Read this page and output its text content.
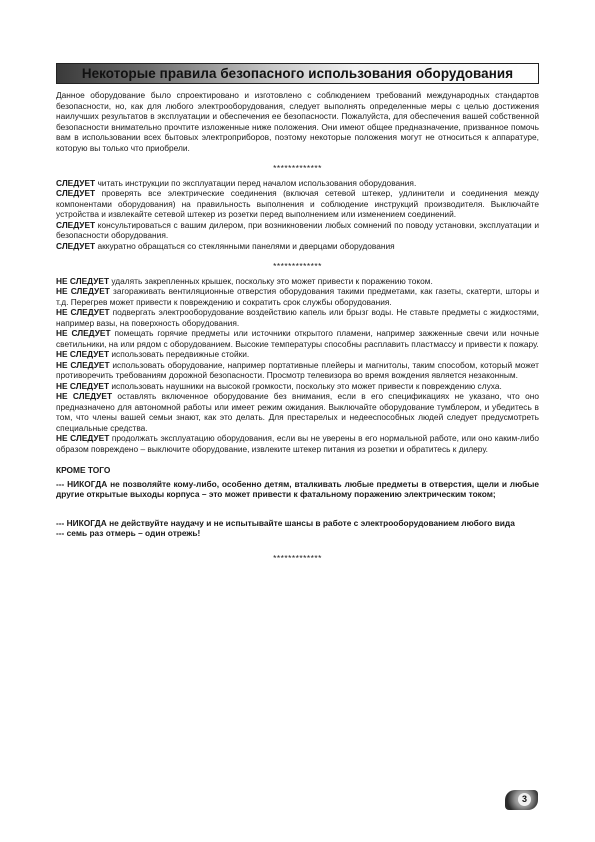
Некоторые правила безопасного использования оборудования

Данное оборудование было спроектировано и изготовлено с соблюдением требований международных стандартов безопасности, но, как для любого электрооборудования, следует выполнять определенные меры с целью достижения наилучших результатов в эксплуатации и обеспечения ее безопасности. Пожалуйста, для обеспечения вашей собственной безопасности внимательно прочтите изложенные ниже положения. Они имеют общее предназначение, призванное помочь вам в использовании всех бытовых электроприборов, поэтому некоторые положения могут не относиться к аппаратуре, которую вы только что приобрели.

*************

СЛЕДУЕТ читать инструкции по эксплуатации перед началом использования оборудования.

СЛЕДУЕТ проверять все электрические соединения (включая сетевой штекер, удлинители и соединения между компонентами оборудования) на правильность выполнения и соблюдение инструкций производителя. Выключайте устройства и извлекайте сетевой штекер из розетки перед выполнением или изменением соединений.

СЛЕДУЕТ консультироваться с вашим дилером, при возникновении любых сомнений по поводу установки, эксплуатации и безопасности оборудования.

СЛЕДУЕТ аккуратно обращаться со стеклянными панелями и дверцами оборудования

*************

НЕ СЛЕДУЕТ удалять закрепленных крышек, поскольку это может привести к поражению током.

НЕ СЛЕДУЕТ загораживать вентиляционные отверстия оборудования такими предметами, как газеты, скатерти, шторы и т.д. Перегрев может привести к повреждению и сократить срок службы оборудования.

НЕ СЛЕДУЕТ подвергать электрооборудование воздействию капель или брызг воды. Не ставьте предметы с жидкостями, например вазы, на поверхность оборудования.

НЕ СЛЕДУЕТ помещать горячие предметы или источники открытого пламени, например зажженные свечи или ночные светильники, на или рядом с оборудованием. Высокие температуры способны расплавить пластмассу и привести к пожару.

НЕ СЛЕДУЕТ использовать передвижные стойки.

НЕ СЛЕДУЕТ использовать оборудование, например портативные плейеры и магнитолы, таким способом, который может противоречить требованиям дорожной безопасности. Просмотр телевизора во время вождения является незаконным.

НЕ СЛЕДУЕТ использовать наушники на высокой громкости, поскольку это может привести к повреждению слуха.

НЕ СЛЕДУЕТ оставлять включенное оборудование без внимания, если в его спецификациях не указано, что оно предназначено для автономной работы или имеет режим ожидания. Выключайте оборудование тумблером, и убедитесь в том, что члены вашей семьи знают, как это делать. Для престарелых и недееспособных людей следует предусмотреть специальные средства.

НЕ СЛЕДУЕТ продолжать эксплуатацию оборудования, если вы не уверены в его нормальной работе, или оно каким-либо образом повреждено – выключите оборудование, извлеките штекер питания из розетки и обратитесь к дилеру.

КРОМЕ ТОГО

--- НИКОГДА не позволяйте кому-либо, особенно детям, вталкивать любые предметы в отверстия, щели и любые другие открытые выходы корпуса – это может привести к фатальному поражению электрическим током;

--- НИКОГДА не действуйте наудачу и не испытывайте шансы в работе с электрооборудованием любого вида

--- семь раз отмерь – один отрежь!

*************
3
